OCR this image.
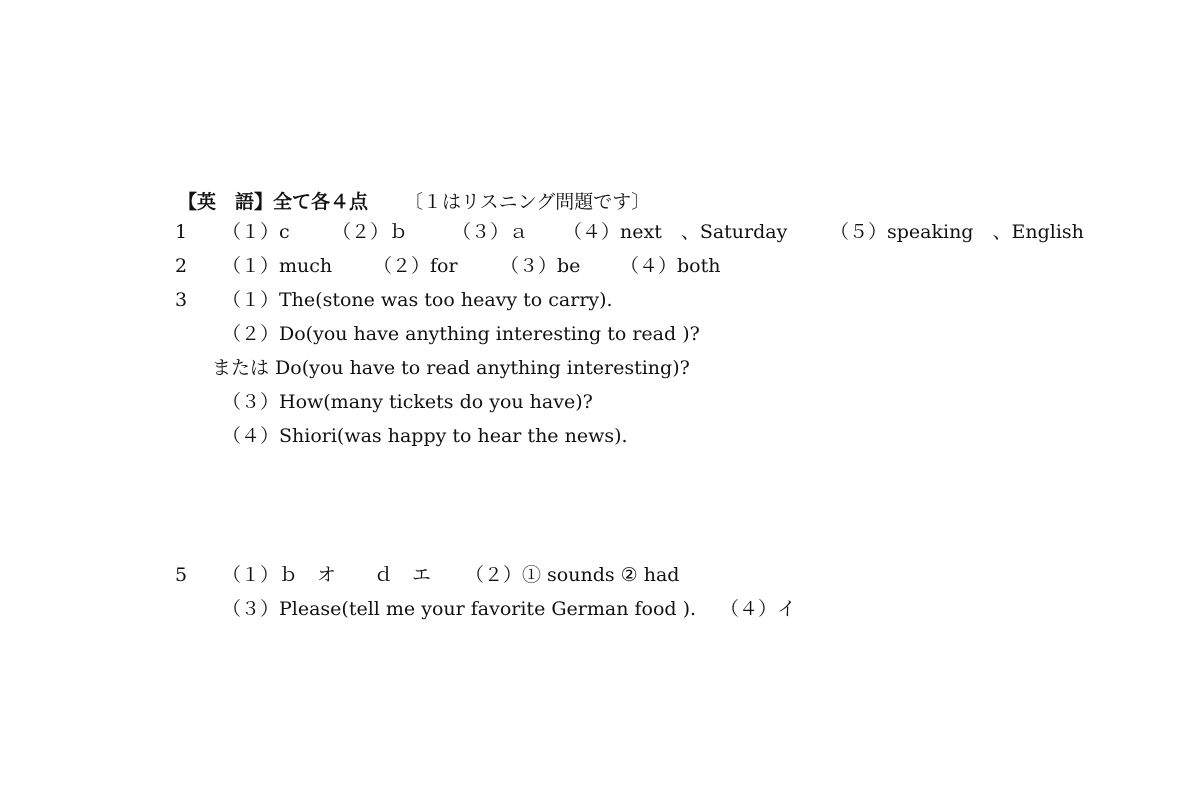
【英　語】全て各４点 〔１はリスニング問題です〕
1 （１）c （２）ｂ （３）ａ （４）next　、Saturday （５）speaking　、English
2 （１）much （２）for （３）be （４）both
3 （１）The(stone was too heavy to carry).
（２）Do(you have anything interesting to read )?
または Do(you have to read anything interesting)?
（３）How(many tickets do you have)?
（４）Shiori(was happy to hear the news).
5 （１）ｂ　オ　　ｄ　エ （２）① sounds ② had
（３）Please(tell me your favorite German food ). （４）イ
